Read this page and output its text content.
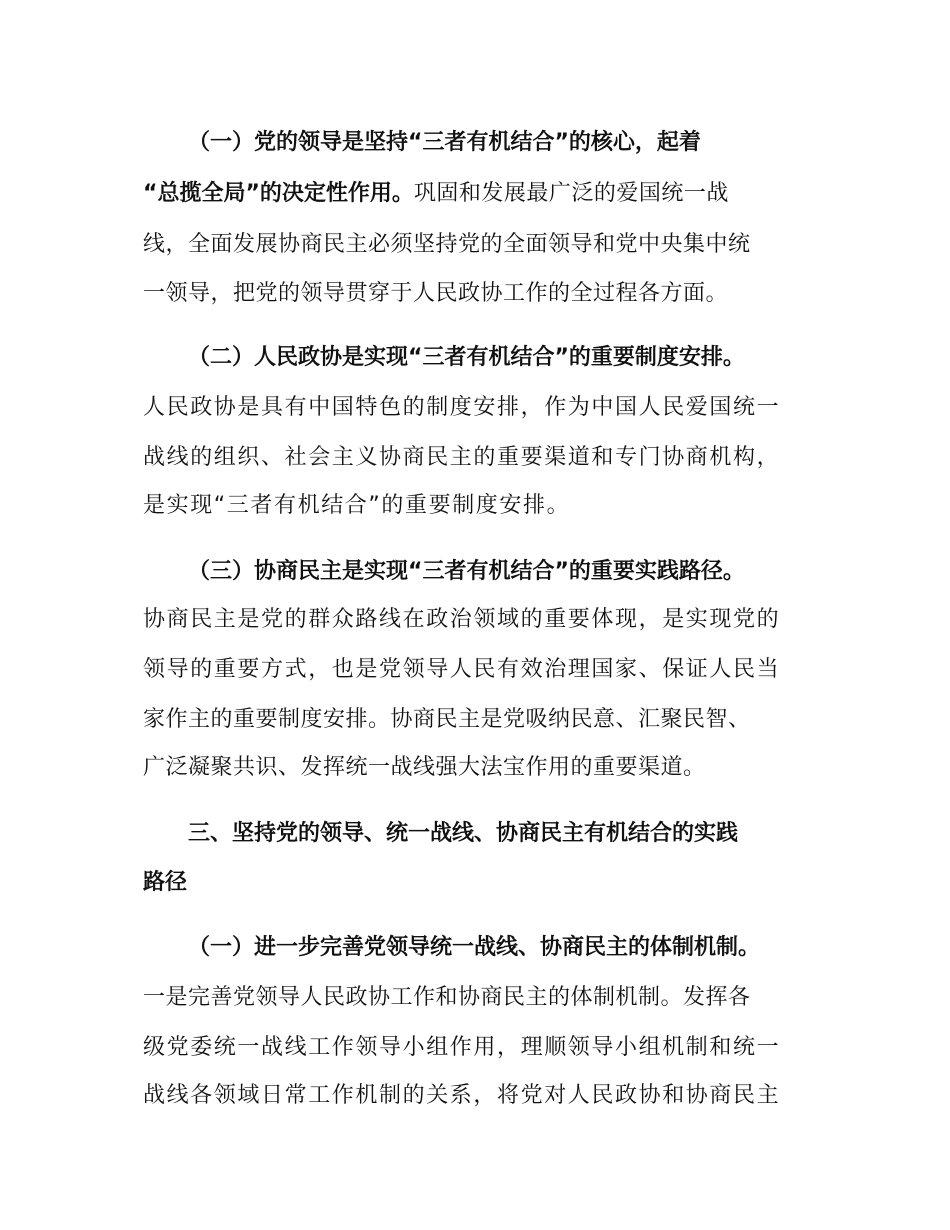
（一）党的领导是坚持“三者有机结合”的核心，起着
“总揽全局”的决定性作用。巩固和发展最广泛的爱国统一战
线，全面发展协商民主必须坚持党的全面领导和党中央集中统
一领导，把党的领导贯穿于人民政协工作的全过程各方面。
（二）人民政协是实现“三者有机结合”的重要制度安排。
人民政协是具有中国特色的制度安排，作为中国人民爱国统一
战线的组织、社会主义协商民主的重要渠道和专门协商机构，
是实现“三者有机结合”的重要制度安排。
（三）协商民主是实现“三者有机结合”的重要实践路径。
协商民主是党的群众路线在政治领域的重要体现，是实现党的
领导的重要方式，也是党领导人民有效治理国家、保证人民当
家作主的重要制度安排。协商民主是党吸纳民意、汇聚民智、
广泛凝聚共识、发挥统一战线强大法宝作用的重要渠道。
三、坚持党的领导、统一战线、协商民主有机结合的实践
路径
（一）进一步完善党领导统一战线、协商民主的体制机制。
一是完善党领导人民政协工作和协商民主的体制机制。发挥各
级党委统一战线工作领导小组作用，理顺领导小组机制和统一
战线各领域日常工作机制的关系，将党对人民政协和协商民主
